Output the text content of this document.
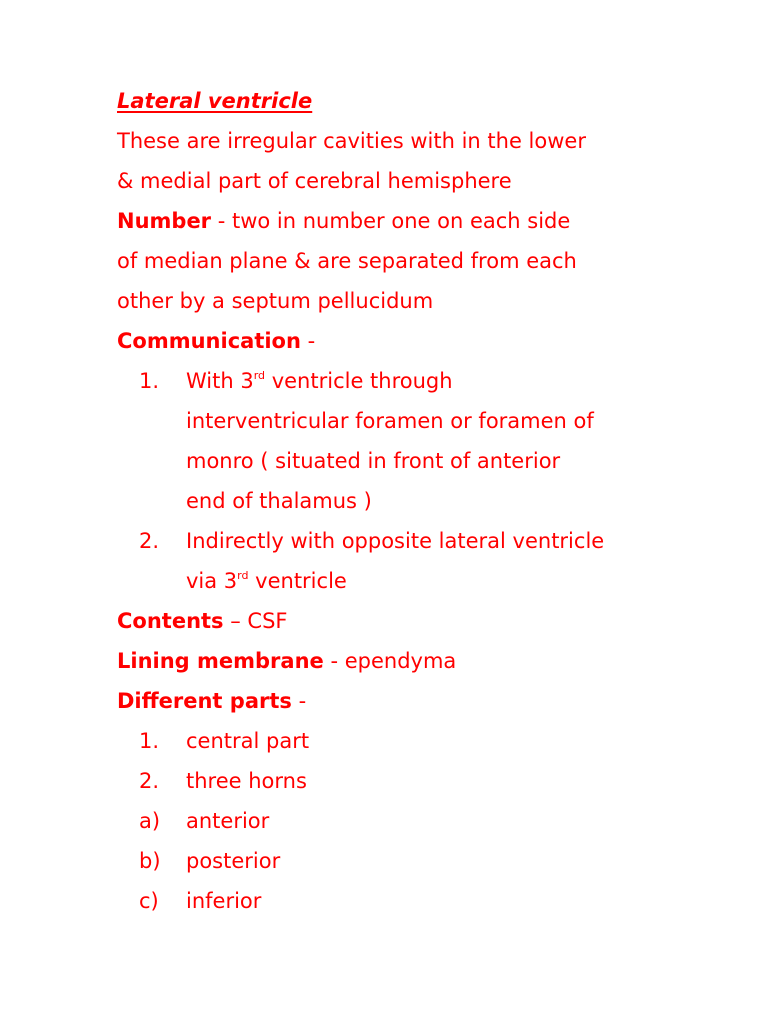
Lateral ventricle
These are irregular cavities with in the lower
& medial part of cerebral hemisphere
Number - two in number one on each side
of median plane & are separated from each
other by a septum pellucidum
Communication -
1. With 3rd ventricle through
interventricular foramen or foramen of
monro ( situated in front of anterior
end of thalamus )
2. Indirectly with opposite lateral ventricle
via 3rd ventricle
Contents – CSF
Lining membrane - ependyma
Different parts -
1. central part
2. three horns
a) anterior
b) posterior
c) inferior
